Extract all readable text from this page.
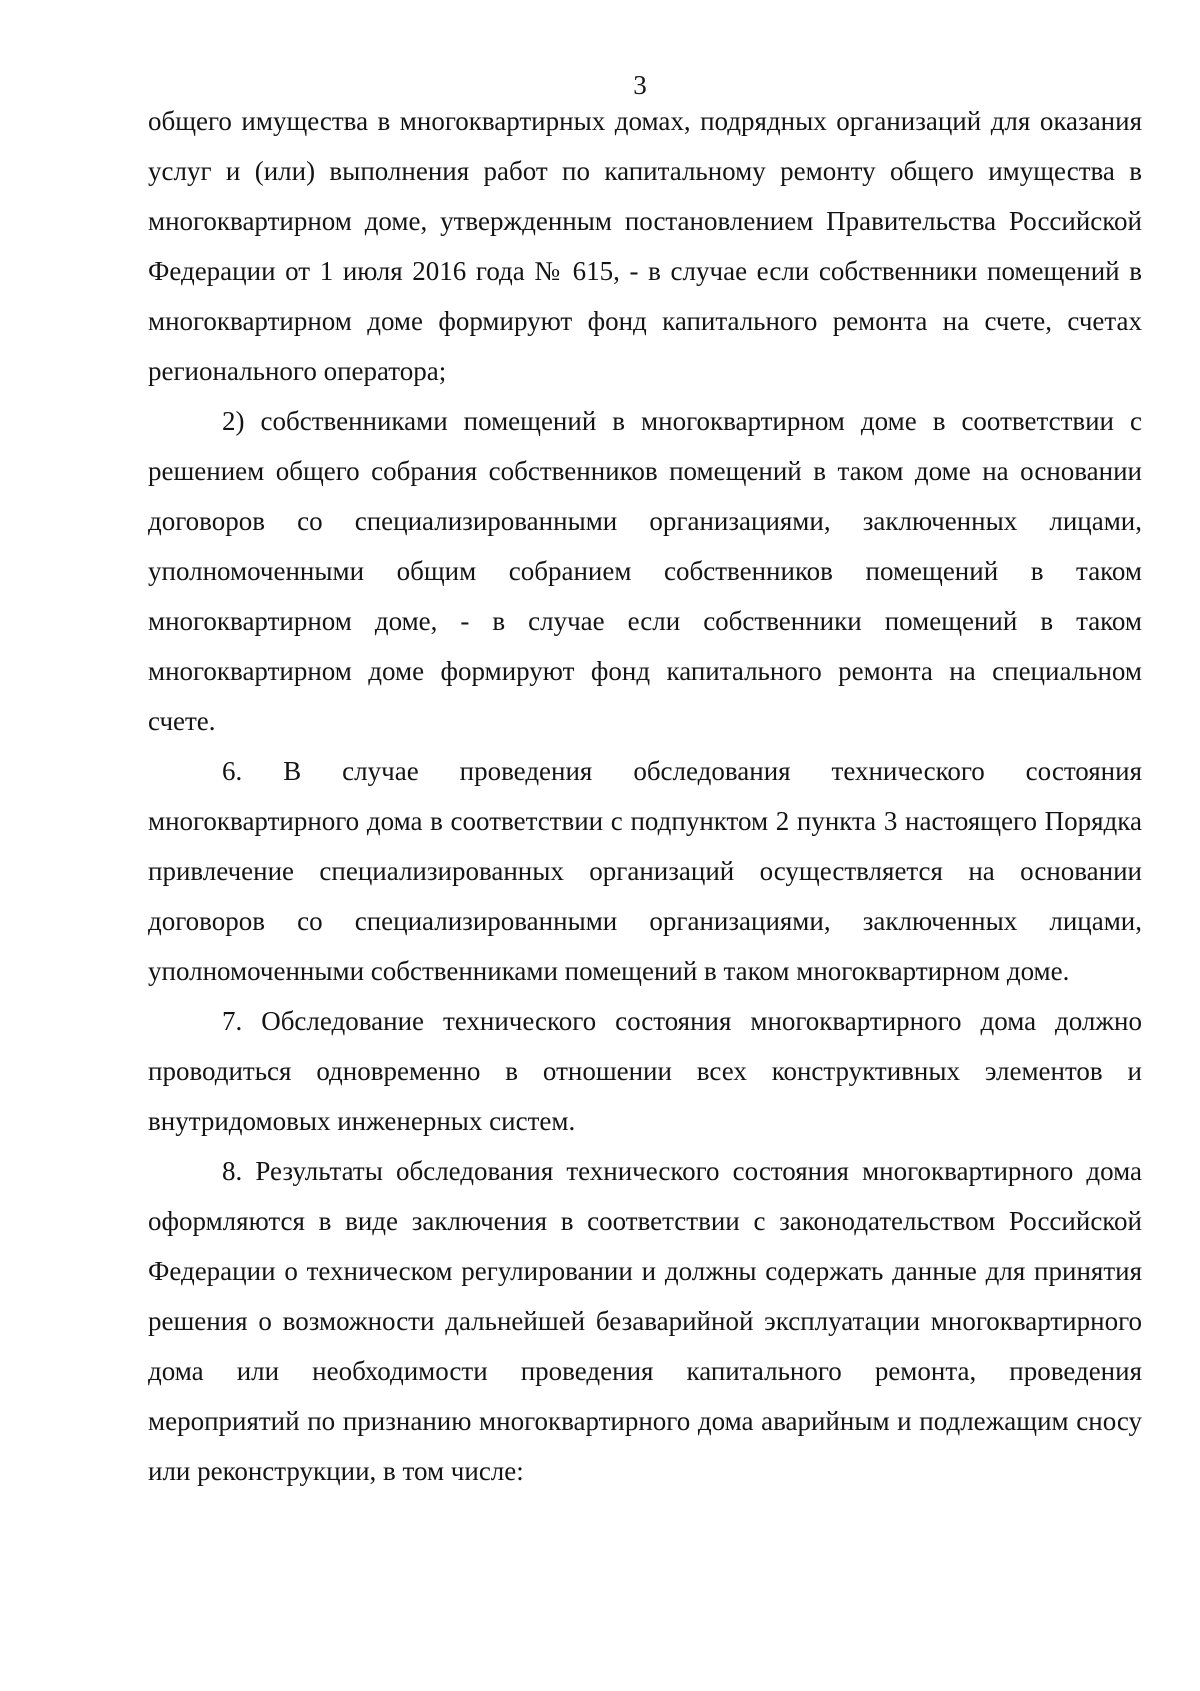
3

общего имущества в многоквартирных домах, подрядных организаций для оказания услуг и (или) выполнения работ по капитальному ремонту общего имущества в многоквартирном доме, утвержденным постановлением Правительства Российской Федерации от 1 июля 2016 года № 615, - в случае если собственники помещений в многоквартирном доме формируют фонд капитального ремонта на счете, счетах регионального оператора;

2) собственниками помещений в многоквартирном доме в соответствии с решением общего собрания собственников помещений в таком доме на основании договоров со специализированными организациями, заключенных лицами, уполномоченными общим собранием собственников помещений в таком многоквартирном доме, - в случае если собственники помещений в таком многоквартирном доме формируют фонд капитального ремонта на специальном счете.

6. В случае проведения обследования технического состояния многоквартирного дома в соответствии с подпунктом 2 пункта 3 настоящего Порядка привлечение специализированных организаций осуществляется на основании договоров со специализированными организациями, заключенных лицами, уполномоченными собственниками помещений в таком многоквартирном доме.

7. Обследование технического состояния многоквартирного дома должно проводиться одновременно в отношении всех конструктивных элементов и внутридомовых инженерных систем.

8. Результаты обследования технического состояния многоквартирного дома оформляются в виде заключения в соответствии с законодательством Российской Федерации о техническом регулировании и должны содержать данные для принятия решения о возможности дальнейшей безаварийной эксплуатации многоквартирного дома или необходимости проведения капитального ремонта, проведения мероприятий по признанию многоквартирного дома аварийным и подлежащим сносу или реконструкции, в том числе:
